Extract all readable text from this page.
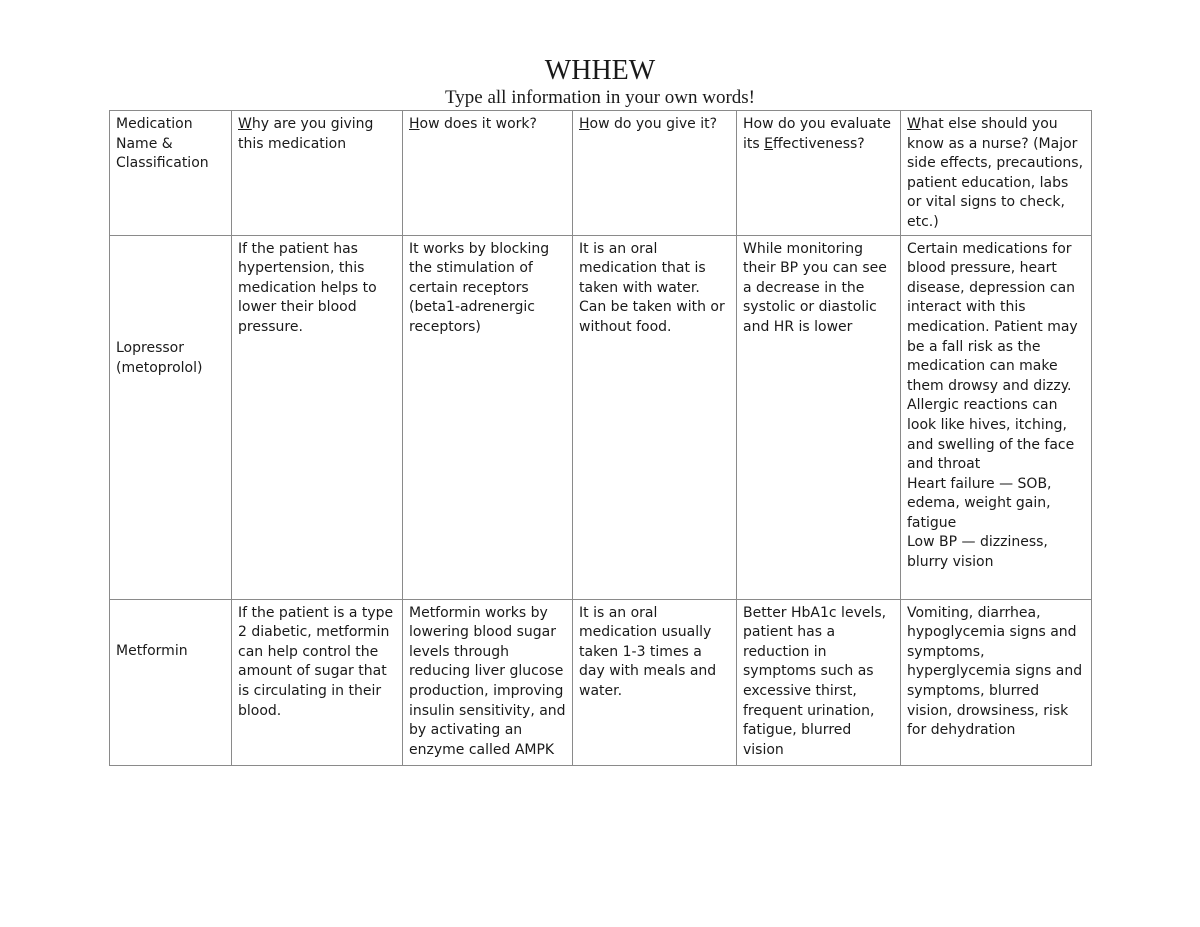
WHHEW
Type all information in your own words!
Medication Name & Classification	Why are you giving this medication	How does it work?	How do you give it?	How do you evaluate its Effectiveness?	What else should you know as a nurse? (Major side effects, precautions, patient education, labs or vital signs to check, etc.)
Lopressor (metoprolol)	If the patient has hypertension, this medication helps to lower their blood pressure.	It works by blocking the stimulation of certain receptors (beta1-adrenergic receptors)	It is an oral medication that is taken with water. Can be taken with or without food.	While monitoring their BP you can see a decrease in the systolic or diastolic and HR is lower	Certain medications for blood pressure, heart disease, depression can interact with this medication. Patient may be a fall risk as the medication can make them drowsy and dizzy. Allergic reactions can look like hives, itching, and swelling of the face and throat
Heart failure — SOB, edema, weight gain, fatigue
Low BP — dizziness, blurry vision

Metformin	If the patient is a type 2 diabetic, metformin can help control the amount of sugar that is circulating in their blood.	Metformin works by lowering blood sugar levels through reducing liver glucose production, improving insulin sensitivity, and by activating an enzyme called AMPK	It is an oral medication usually taken 1-3 times a day with meals and water.	Better HbA1c levels, patient has a reduction in symptoms such as excessive thirst, frequent urination, fatigue, blurred vision	Vomiting, diarrhea, hypoglycemia signs and symptoms, hyperglycemia signs and symptoms, blurred vision, drowsiness, risk for dehydration
